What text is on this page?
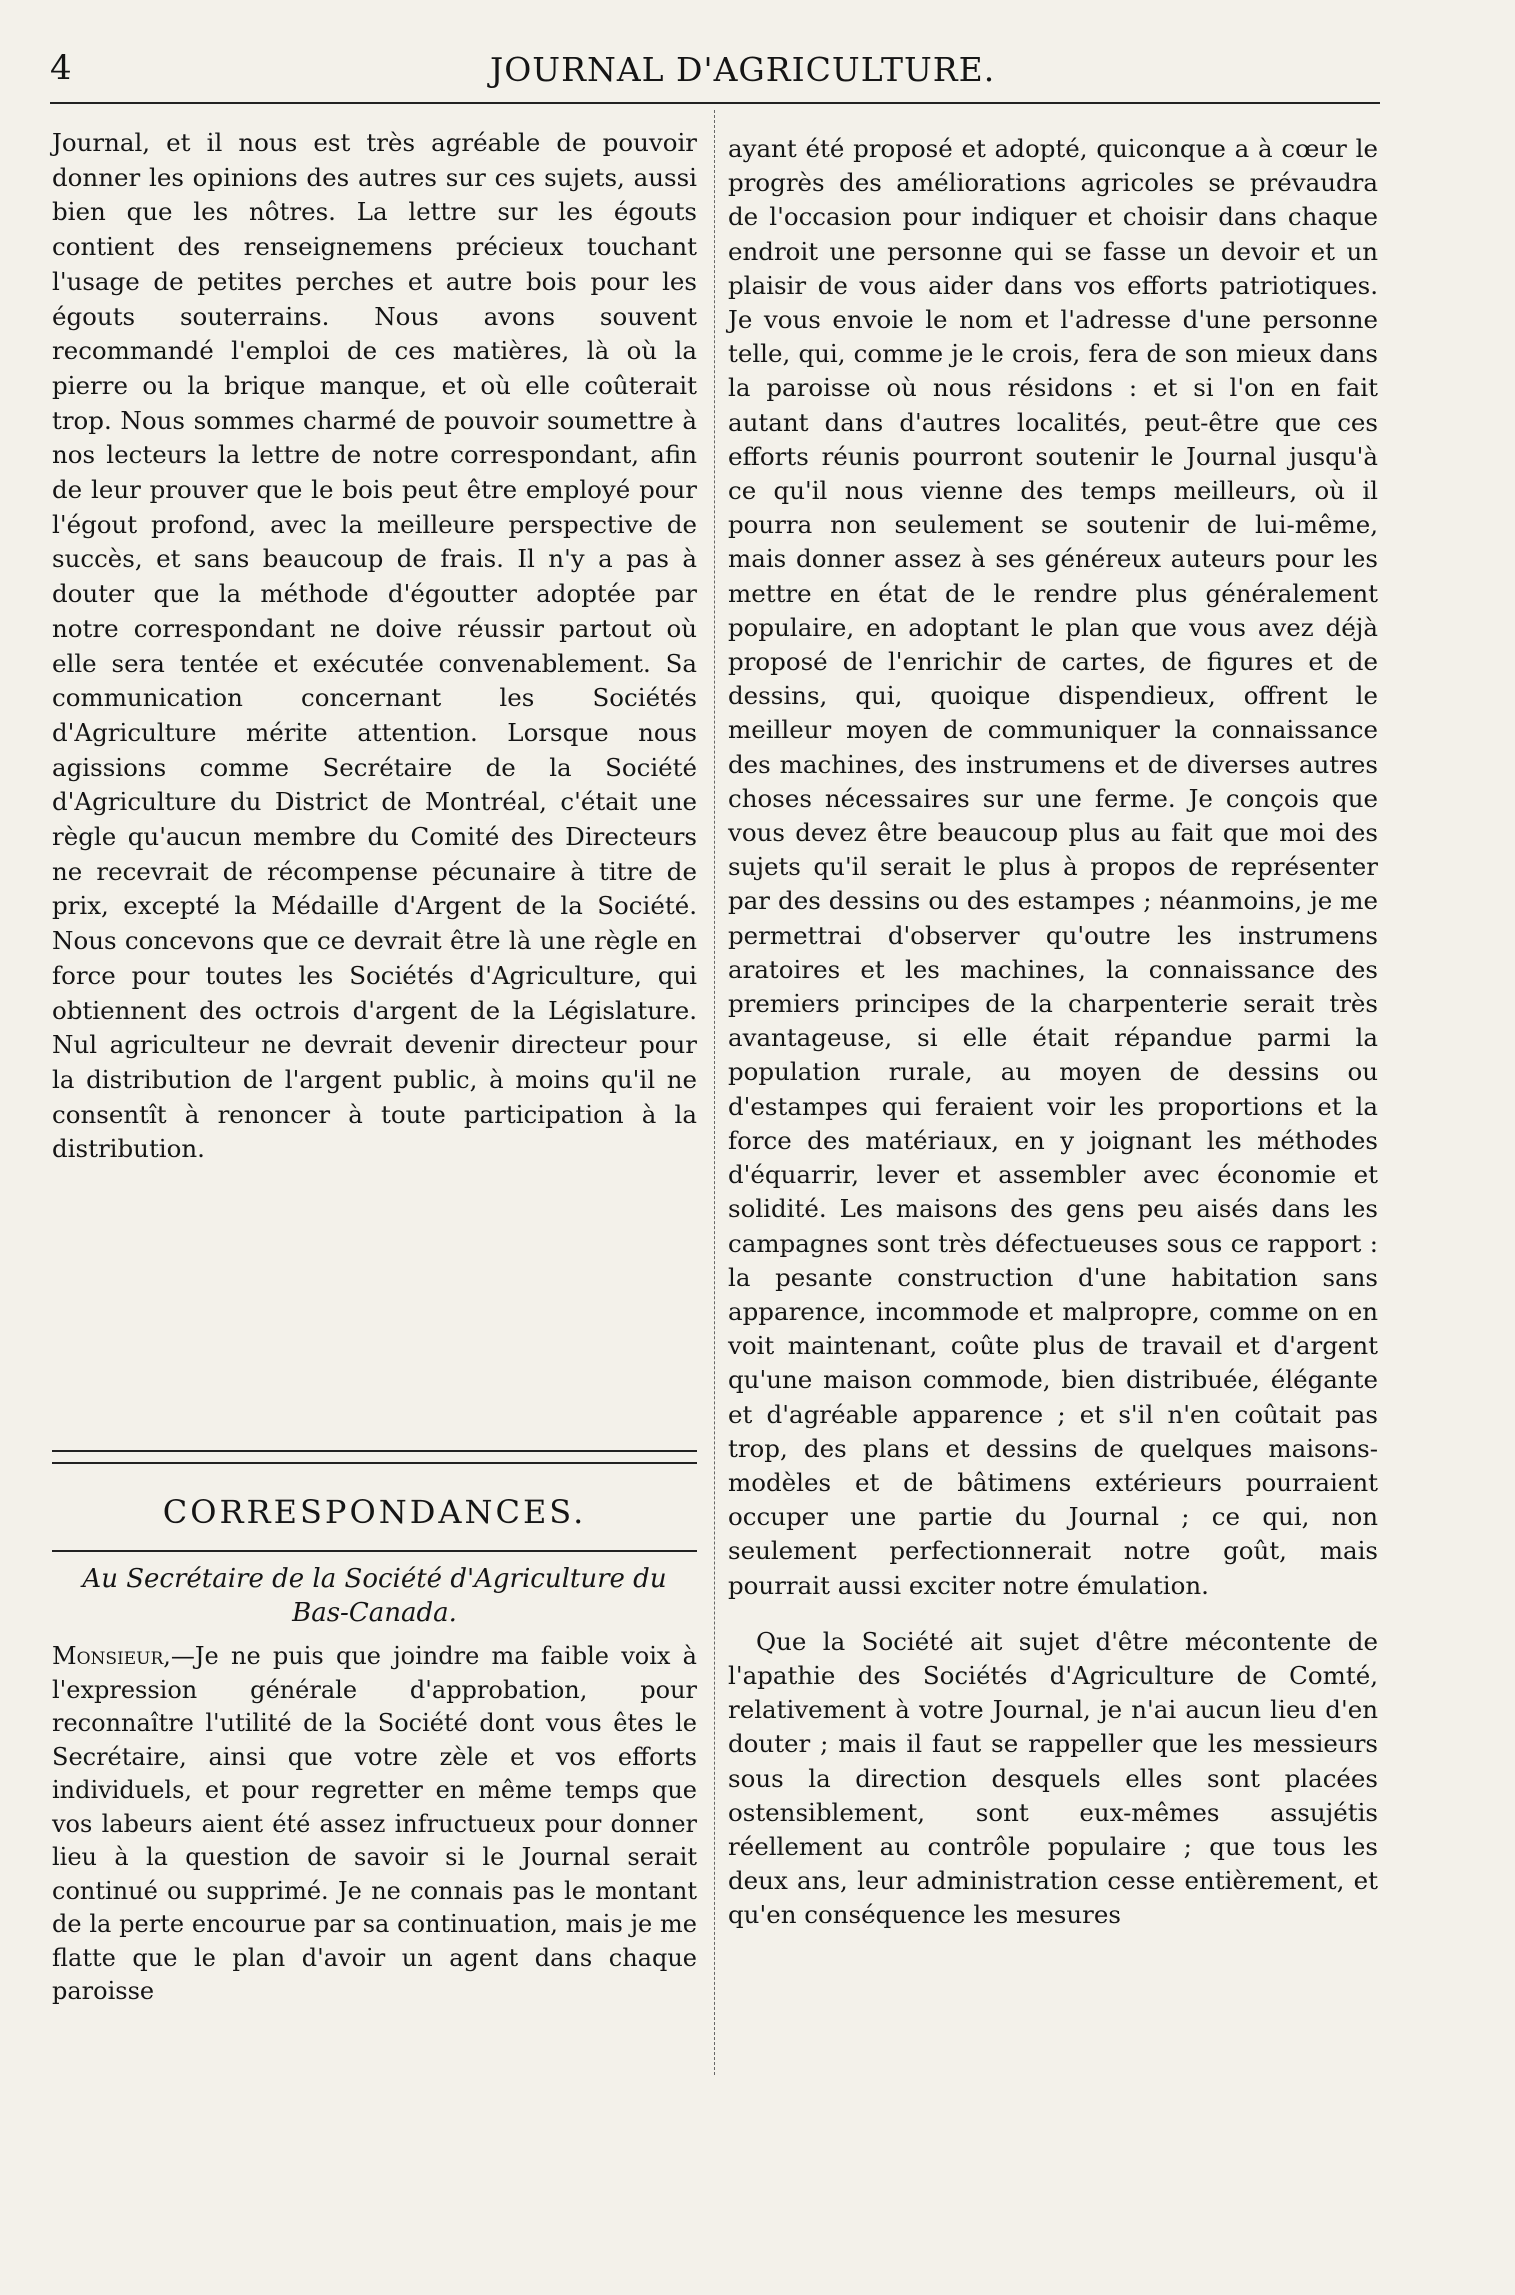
4	JOURNAL D'AGRICULTURE.

Journal, et il nous est très agréable de pouvoir donner les opinions des autres sur ces sujets, aussi bien que les nôtres. La lettre sur les égouts contient des renseignemens précieux touchant l'usage de petites perches et autre bois pour les égouts souterrains. Nous avons souvent recommandé l'emploi de ces matières, là où la pierre ou la brique manque, et où elle coûterait trop. Nous sommes charmé de pouvoir soumettre à nos lecteurs la lettre de notre correspondant, afin de leur prouver que le bois peut être employé pour l'égout profond, avec la meilleure perspective de succès, et sans beaucoup de frais. Il n'y a pas à douter que la méthode d'égoutter adoptée par notre correspondant ne doive réussir partout où elle sera tentée et exécutée convenablement. Sa communication concernant les Sociétés d'Agriculture mérite attention. Lorsque nous agissions comme Secrétaire de la Société d'Agriculture du District de Montréal, c'était une règle qu'aucun membre du Comité des Directeurs ne recevrait de récompense pécunaire à titre de prix, excepté la Médaille d'Argent de la Société. Nous concevons que ce devrait être là une règle en force pour toutes les Sociétés d'Agriculture, qui obtiennent des octrois d'argent de la Législature. Nul agriculteur ne devrait devenir directeur pour la distribution de l'argent public, à moins qu'il ne consentît à renoncer à toute participation à la distribution.

CORRESPONDANCES.
Au Secrétaire de la Société d'Agriculture du Bas-Canada.
Monsieur,—Je ne puis que joindre ma faible voix à l'expression générale d'approbation, pour reconnaître l'utilité de la Société dont vous êtes le Secrétaire, ainsi que votre zèle et vos efforts individuels, et pour regretter en même temps que vos labeurs aient été assez infructueux pour donner lieu à la question de savoir si le Journal serait continué ou supprimé. Je ne connais pas le montant de la perte encourue par sa continuation, mais je me flatte que le plan d'avoir un agent dans chaque paroisse

ayant été proposé et adopté, quiconque a à cœur le progrès des améliorations agricoles se prévaudra de l'occasion pour indiquer et choisir dans chaque endroit une personne qui se fasse un devoir et un plaisir de vous aider dans vos efforts patriotiques. Je vous envoie le nom et l'adresse d'une personne telle, qui, comme je le crois, fera de son mieux dans la paroisse où nous résidons : et si l'on en fait autant dans d'autres localités, peut-être que ces efforts réunis pourront soutenir le Journal jusqu'à ce qu'il nous vienne des temps meilleurs, où il pourra non seulement se soutenir de lui-même, mais donner assez à ses généreux auteurs pour les mettre en état de le rendre plus généralement populaire, en adoptant le plan que vous avez déjà proposé de l'enrichir de cartes, de figures et de dessins, qui, quoique dispendieux, offrent le meilleur moyen de communiquer la connaissance des machines, des instrumens et de diverses autres choses nécessaires sur une ferme. Je conçois que vous devez être beaucoup plus au fait que moi des sujets qu'il serait le plus à propos de représenter par des dessins ou des estampes ; néanmoins, je me permettrai d'observer qu'outre les instrumens aratoires et les machines, la connaissance des premiers principes de la charpenterie serait très avantageuse, si elle était répandue parmi la population rurale, au moyen de dessins ou d'estampes qui feraient voir les proportions et la force des matériaux, en y joignant les méthodes d'équarrir, lever et assembler avec économie et solidité. Les maisons des gens peu aisés dans les campagnes sont très défectueuses sous ce rapport : la pesante construction d'une habitation sans apparence, incommode et malpropre, comme on en voit maintenant, coûte plus de travail et d'argent qu'une maison commode, bien distribuée, élégante et d'agréable apparence ; et s'il n'en coûtait pas trop, des plans et dessins de quelques maisons-modèles et de bâtimens extérieurs pourraient occuper une partie du Journal ; ce qui, non seulement perfectionnerait notre goût, mais pourrait aussi exciter notre émulation.

Que la Société ait sujet d'être mécontente de l'apathie des Sociétés d'Agriculture de Comté, relativement à votre Journal, je n'ai aucun lieu d'en douter ; mais il faut se rappeller que les messieurs sous la direction desquels elles sont placées ostensiblement, sont eux-mêmes assujétis réellement au contrôle populaire ; que tous les deux ans, leur administration cesse entièrement, et qu'en conséquence les mesures
